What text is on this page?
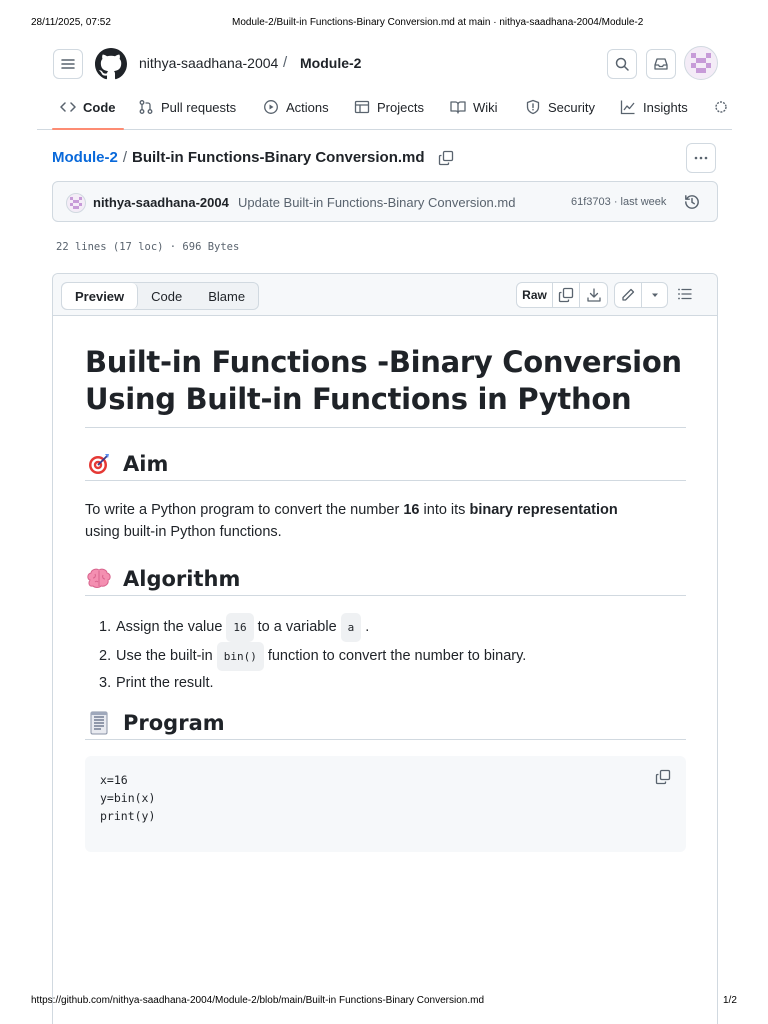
28/11/2025, 07:52	Module-2/Built-in Functions-Binary Conversion.md at main · nithya-saadhana-2004/Module-2
nithya-saadhana-2004 / Module-2
Code	Pull requests	Actions	Projects	Wiki	Security	Insights
Module-2 / Built-in Functions-Binary Conversion.md
nithya-saadhana-2004 Update Built-in Functions-Binary Conversion.md	61f3703 · last week
22 lines (17 loc) · 696 Bytes
Preview	Code	Blame	Raw
Built-in Functions -Binary Conversion
Using Built-in Functions in Python
Aim
To write a Python program to convert the number 16 into its binary representation
using built-in Python functions.
Algorithm
1. Assign the value	16 to a variable	a .
2. Use the built-in	bin() function to convert the number to binary.
3. Print the result.
Program
x=16
y=bin(x)
print(y)
https://github.com/nithya-saadhana-2004/Module-2/blob/main/Built-in Functions-Binary Conversion.md	1/2
